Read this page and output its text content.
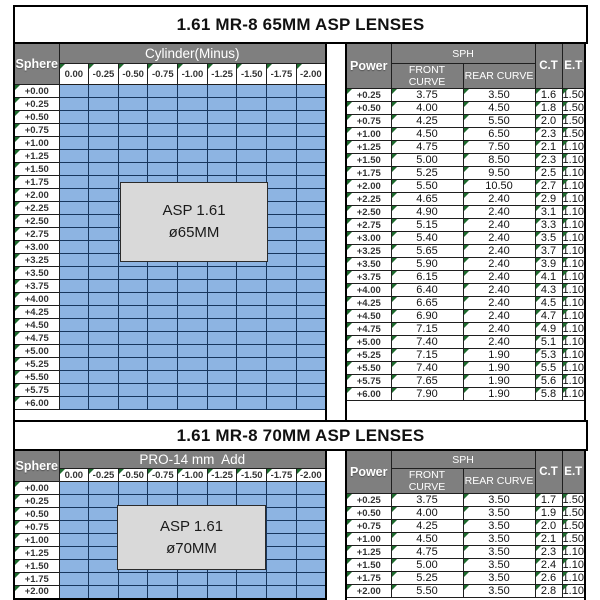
1.61 MR-8 65MM ASP LENSES
Sphere	Cylinder(Minus)								
	0.00	-0.25	-0.50	-0.75	-1.00	-1.25	-1.50	-1.75	-2.00
+0.00									
+0.25									
+0.50									
+0.75									
+1.00									
+1.25									
+1.50									
+1.75									
+2.00									
+2.25									
+2.50									
+2.75									
+3.00									
+3.25									
+3.50									
+3.75									
+4.00									
+4.25									
+4.50									
+4.75									
+5.00									
+5.25									
+5.50									
+5.75									
+6.00									

ASP 1.61
ø65MM
Power	SPH		C.T	E.T
	FRONT CURVE	REAR CURVE		
+0.25	3.75	3.50	1.6	1.50
+0.50	4.00	4.50	1.8	1.50
+0.75	4.25	5.50	2.0	1.50
+1.00	4.50	6.50	2.3	1.50
+1.25	4.75	7.50	2.1	1.10
+1.50	5.00	8.50	2.3	1.10
+1.75	5.25	9.50	2.5	1.10
+2.00	5.50	10.50	2.7	1.10
+2.25	4.65	2.40	2.9	1.10
+2.50	4.90	2.40	3.1	1.10
+2.75	5.15	2.40	3.3	1.10
+3.00	5.40	2.40	3.5	1.10
+3.25	5.65	2.40	3.7	1.10
+3.50	5.90	2.40	3.9	1.10
+3.75	6.15	2.40	4.1	1.10
+4.00	6.40	2.40	4.3	1.10
+4.25	6.65	2.40	4.5	1.10
+4.50	6.90	2.40	4.7	1.10
+4.75	7.15	2.40	4.9	1.10
+5.00	7.40	2.40	5.1	1.10
+5.25	7.15	1.90	5.3	1.10
+5.50	7.40	1.90	5.5	1.10
+5.75	7.65	1.90	5.6	1.10
+6.00	7.90	1.90	5.8	1.10

1.61 MR-8 70MM ASP LENSES
Sphere	PRO-14 mm  Add								
	0.00	-0.25	-0.50	-0.75	-1.00	-1.25	-1.50	-1.75	-2.00
+0.00									
+0.25									
+0.50									
+0.75									
+1.00									
+1.25									
+1.50									
+1.75									
+2.00									
ASP 1.61
ø70MM
Power	SPH		C.T	E.T
	FRONT CURVE	REAR CURVE		
+0.25	3.75	3.50	1.7	1.50
+0.50	4.00	3.50	1.9	1.50
+0.75	4.25	3.50	2.0	1.50
+1.00	4.50	3.50	2.1	1.50
+1.25	4.75	3.50	2.3	1.10
+1.50	5.00	3.50	2.4	1.10
+1.75	5.25	3.50	2.6	1.10
+2.00	5.50	3.50	2.8	1.10
